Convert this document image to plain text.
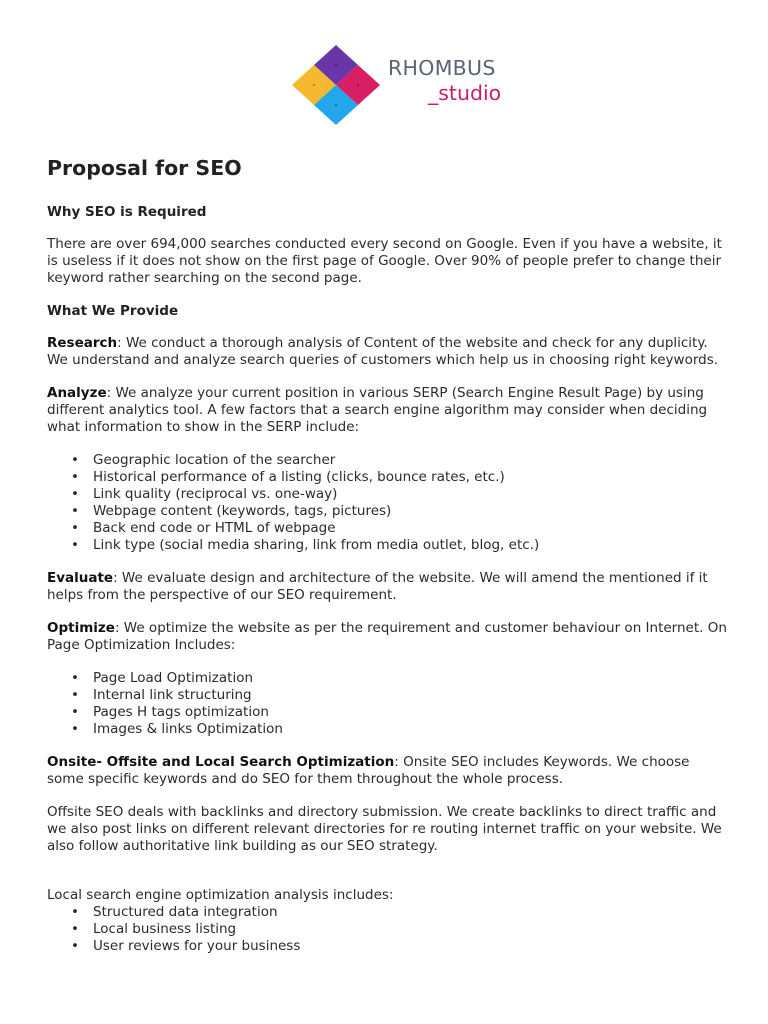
RHOMBUS
_studio
Proposal for SEO
Why SEO is Required

There are over 694,000 searches conducted every second on Google. Even if you have a website, it is useless if it does not show on the first page of Google. Over 90% of people prefer to change their keyword rather searching on the second page.

What We Provide

Research: We conduct a thorough analysis of Content of the website and check for any duplicity. We understand and analyze search queries of customers which help us in choosing right keywords.

Analyze: We analyze your current position in various SERP (Search Engine Result Page) by using different analytics tool. A few factors that a search engine algorithm may consider when deciding what information to show in the SERP include:

• Geographic location of the searcher
• Historical performance of a listing (clicks, bounce rates, etc.)
• Link quality (reciprocal vs. one-way)
• Webpage content (keywords, tags, pictures)
• Back end code or HTML of webpage
• Link type (social media sharing, link from media outlet, blog, etc.)

Evaluate: We evaluate design and architecture of the website. We will amend the mentioned if it helps from the perspective of our SEO requirement.

Optimize: We optimize the website as per the requirement and customer behaviour on Internet. On Page Optimization Includes:

• Page Load Optimization
• Internal link structuring
• Pages H tags optimization
• Images & links Optimization

Onsite- Offsite and Local Search Optimization: Onsite SEO includes Keywords. We choose some specific keywords and do SEO for them throughout the whole process.

Offsite SEO deals with backlinks and directory submission. We create backlinks to direct traffic and we also post links on different relevant directories for re routing internet traffic on your website. We also follow authoritative link building as our SEO strategy.

Local search engine optimization analysis includes:

• Structured data integration
• Local business listing
• User reviews for your business
